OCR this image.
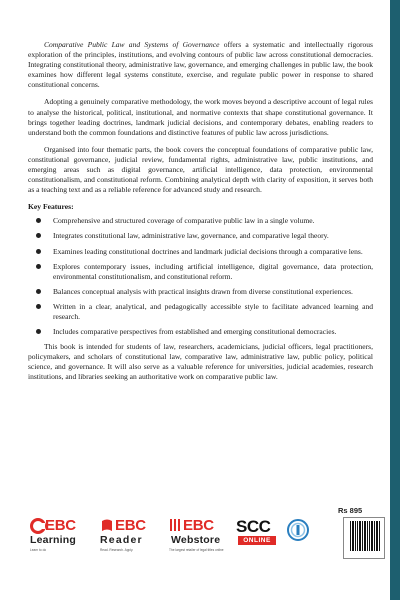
Comparative Public Law and Systems of Governance offers a systematic and intellectually rigorous exploration of the principles, institutions, and evolving contours of public law across constitutional democracies. Integrating constitutional theory, administrative law, governance, and emerging challenges in public law, the book examines how different legal systems constitute, exercise, and regulate public power in response to shared constitutional concerns.

Adopting a genuinely comparative methodology, the work moves beyond a descriptive account of legal rules to analyse the historical, political, institutional, and normative contexts that shape constitutional governance. It brings together leading doctrines, landmark judicial decisions, and contemporary debates, enabling readers to understand both the common foundations and distinctive features of public law across jurisdictions.

Organised into four thematic parts, the book covers the conceptual foundations of comparative public law, constitutional governance, judicial review, fundamental rights, administrative law, public institutions, and emerging areas such as digital governance, artificial intelligence, data protection, environmental constitutionalism, and constitutional reform. Combining analytical depth with clarity of exposition, it serves both as a teaching text and as a reliable reference for advanced study and research.

Key Features:
Comprehensive and structured coverage of comparative public law in a single volume.
Integrates constitutional law, administrative law, governance, and comparative legal theory.
Examines leading constitutional doctrines and landmark judicial decisions through a comparative lens.
Explores contemporary issues, including artificial intelligence, digital governance, data protection, environmental constitutionalism, and constitutional reform.
Balances conceptual analysis with practical insights drawn from diverse constitutional experiences.
Written in a clear, analytical, and pedagogically accessible style to facilitate advanced learning and research.
Includes comparative perspectives from established and emerging constitutional democracies.

This book is intended for students of law, researchers, academicians, judicial officers, legal practitioners, policymakers, and scholars of constitutional law, comparative law, administrative law, public policy, political science, and governance. It will also serve as a valuable reference for universities, judicial academies, research institutions, and libraries seeking an authoritative work on comparative public law.

Rs 895
EBC
Learning
Learn to do
EBC
Reader
Read. Research. Apply.
EBC
Webstore
The largest retailer of legal titles online
SCC
ONLINE
